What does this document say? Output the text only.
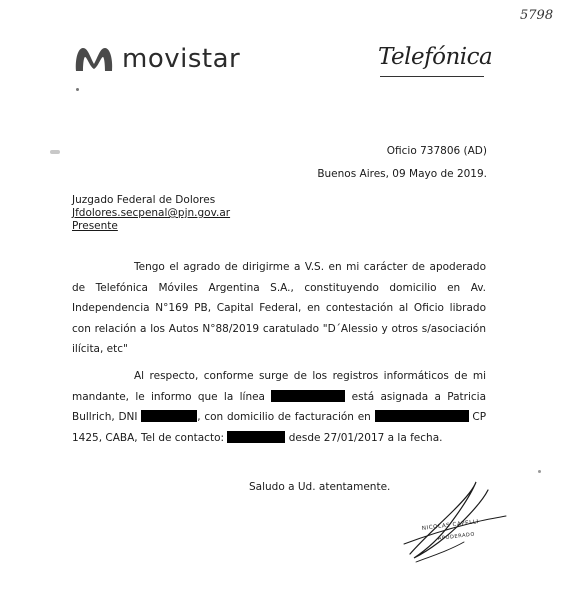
5798
movistar	Telefónica
Oficio 737806 (AD)
Buenos Aires, 09 Mayo de 2019.
Juzgado Federal de Dolores
Jfdolores.secpenal@pjn.gov.ar
Presente
Tengo el agrado de dirigirme a V.S. en mi carácter de apoderado de Telefónica Móviles Argentina S.A., constituyendo domicilio en Av. Independencia N°169 PB, Capital Federal, en contestación al Oficio librado con relación a los Autos N°88/2019 caratulado "D´Alessio y otros s/asociación ilícita, etc"
Al respecto, conforme surge de los registros informáticos de mi mandante, le informo que la línea	está asignada a Patricia Bullrich, DNI	, con domicilio de facturación en	CP 1425, CABA, Tel de contacto:	desde 27/01/2017 a la fecha.
Saludo a Ud. atentamente.
NICOLAS CAPELLI
APODERADO
